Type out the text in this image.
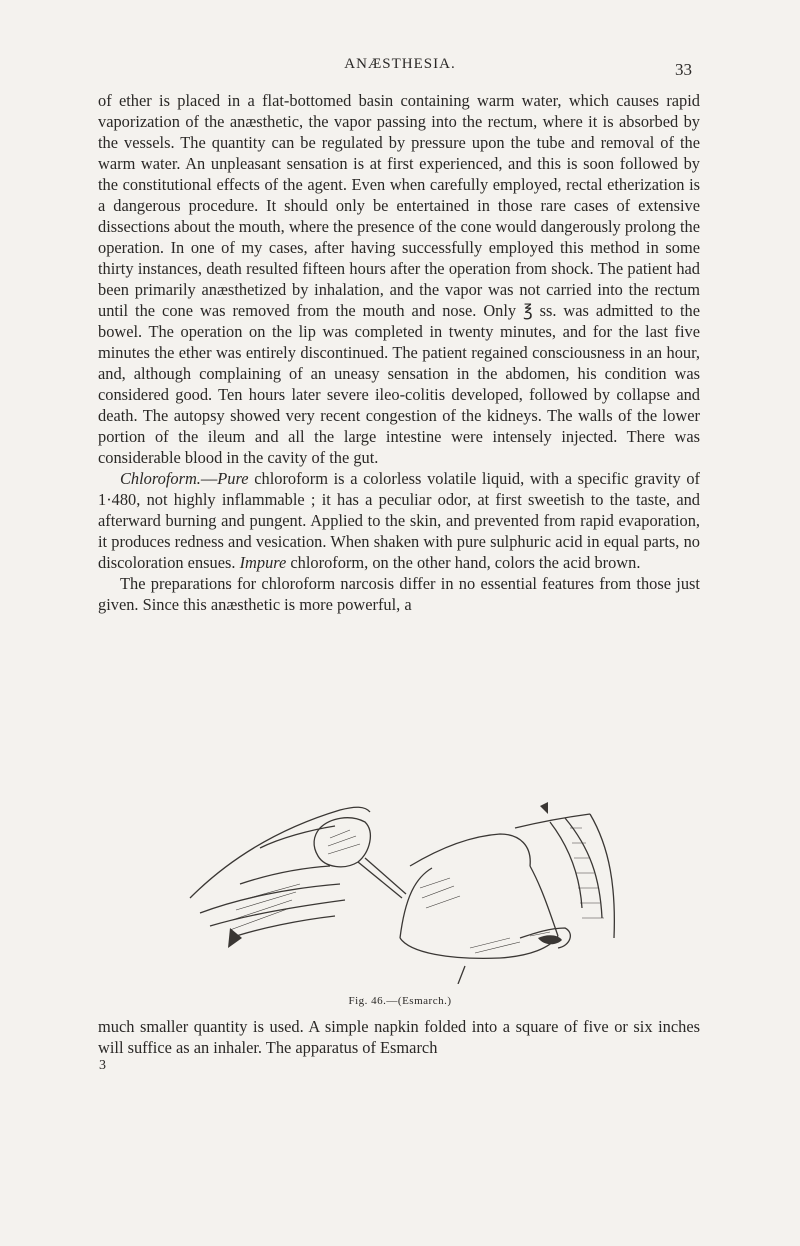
ANÆSTHESIA.	33

of ether is placed in a flat-bottomed basin containing warm water, which causes rapid vaporization of the anæsthetic, the vapor passing into the rectum, where it is absorbed by the vessels. The quantity can be regulated by pressure upon the tube and removal of the warm water. An unpleasant sensation is at first experienced, and this is soon followed by the constitutional effects of the agent. Even when carefully employed, rectal etherization is a dangerous procedure. It should only be entertained in those rare cases of extensive dissections about the mouth, where the presence of the cone would dangerously prolong the operation. In one of my cases, after having successfully employed this method in some thirty instances, death resulted fifteen hours after the operation from shock. The patient had been primarily anæsthetized by inhalation, and the vapor was not carried into the rectum until the cone was removed from the mouth and nose. Only ℥ ss. was admitted to the bowel. The operation on the lip was completed in twenty minutes, and for the last five minutes the ether was entirely discontinued. The patient regained consciousness in an hour, and, although complaining of an uneasy sensation in the abdomen, his condition was considered good. Ten hours later severe ileo-colitis developed, followed by collapse and death. The autopsy showed very recent congestion of the kidneys. The walls of the lower portion of the ileum and all the large intestine were intensely injected. There was considerable blood in the cavity of the gut.

Chloroform.—Pure chloroform is a colorless volatile liquid, with a specific gravity of 1·480, not highly inflammable ; it has a peculiar odor, at first sweetish to the taste, and afterward burning and pungent. Applied to the skin, and prevented from rapid evaporation, it produces redness and vesication. When shaken with pure sulphuric acid in equal parts, no discoloration ensues. Impure chloroform, on the other hand, colors the acid brown.

The preparations for chloroform narcosis differ in no essential features from those just given. Since this anæsthetic is more powerful, a

Fig. 46.—(Esmarch.)

much smaller quantity is used. A simple napkin folded into a square of five or six inches will suffice as an inhaler. The apparatus of Esmarch

3
